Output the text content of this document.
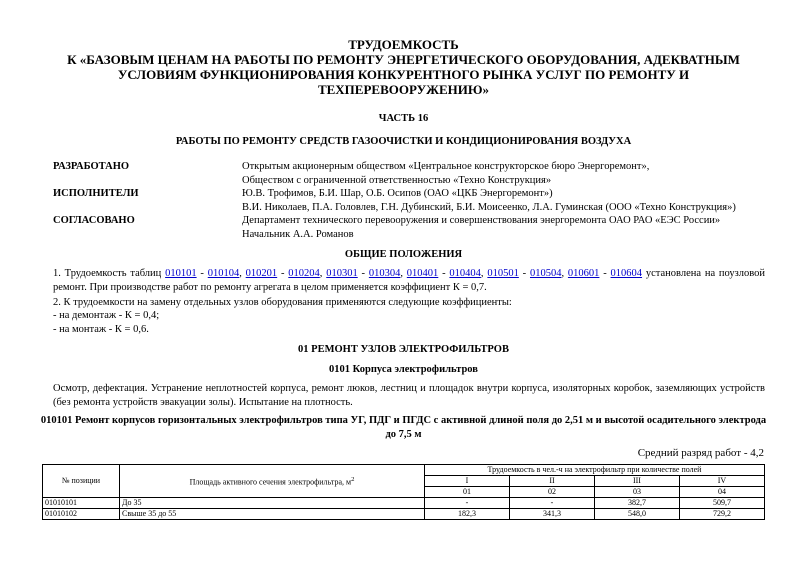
ТРУДОЕМКОСТЬ
К «БАЗОВЫМ ЦЕНАМ НА РАБОТЫ ПО РЕМОНТУ ЭНЕРГЕТИЧЕСКОГО ОБОРУДОВАНИЯ, АДЕКВАТНЫМ
УСЛОВИЯМ ФУНКЦИОНИРОВАНИЯ КОНКУРЕНТНОГО РЫНКА УСЛУГ ПО РЕМОНТУ И
ТЕХПЕРЕВООРУЖЕНИЮ»
ЧАСТЬ 16
РАБОТЫ ПО РЕМОНТУ СРЕДСТВ ГАЗООЧИСТКИ И КОНДИЦИОНИРОВАНИЯ ВОЗДУХА
РАЗРАБОТАНО	Открытым акционерным обществом «Центральное конструкторское бюро Энергоремонт»,
Обществом с ограниченной ответственностью «Техно Конструкция»
ИСПОЛНИТЕЛИ	Ю.В. Трофимов, Б.И. Шар, О.Б. Осипов (ОАО «ЦКБ Энергоремонт»)
В.И. Николаев, П.А. Головлев, Г.Н. Дубинский, Б.И. Моисеенко, Л.А. Гуминская (ООО «Техно Конструкция»)
СОГЛАСОВАНО	Департамент технического перевооружения и совершенствования энергоремонта ОАО РАО «ЕЭС России»
Начальник А.А. Романов
ОБЩИЕ ПОЛОЖЕНИЯ
1. Трудоемкость таблиц 010101 - 010104, 010201 - 010204, 010301 - 010304, 010401 - 010404, 010501 - 010504, 010601 - 010604 установлена на поузловой ремонт. При производстве работ по ремонту агрегата в целом применяется коэффициент К = 0,7.
2. К трудоемкости на замену отдельных узлов оборудования применяются следующие коэффициенты:
- на демонтаж - К = 0,4;
- на монтаж - К = 0,6.
01 РЕМОНТ УЗЛОВ ЭЛЕКТРОФИЛЬТРОВ
0101 Корпуса электрофильтров
Осмотр, дефектация. Устранение неплотностей корпуса, ремонт люков, лестниц и площадок внутри корпуса, изоляторных коробок, заземляющих устройств (без ремонта устройств эвакуации золы). Испытание на плотность.
010101 Ремонт корпусов горизонтальных электрофильтров типа УГ, ПДГ и ПГДС с активной длиной поля до 2,51 м и высотой осадительного электрода до 7,5 м
Средний разряд работ - 4,2
№ позиции	Площадь активного сечения электрофильтра, $м^2$	Трудоемкость в чел.-ч на электрофильтр при количестве полей			
		I	II	III	IV
		01	02	03	04
01010101	До 35	-	-	382,7	509,7
01010102	Свыше 35 до 55	182,3	341,3	548,0	729,2
